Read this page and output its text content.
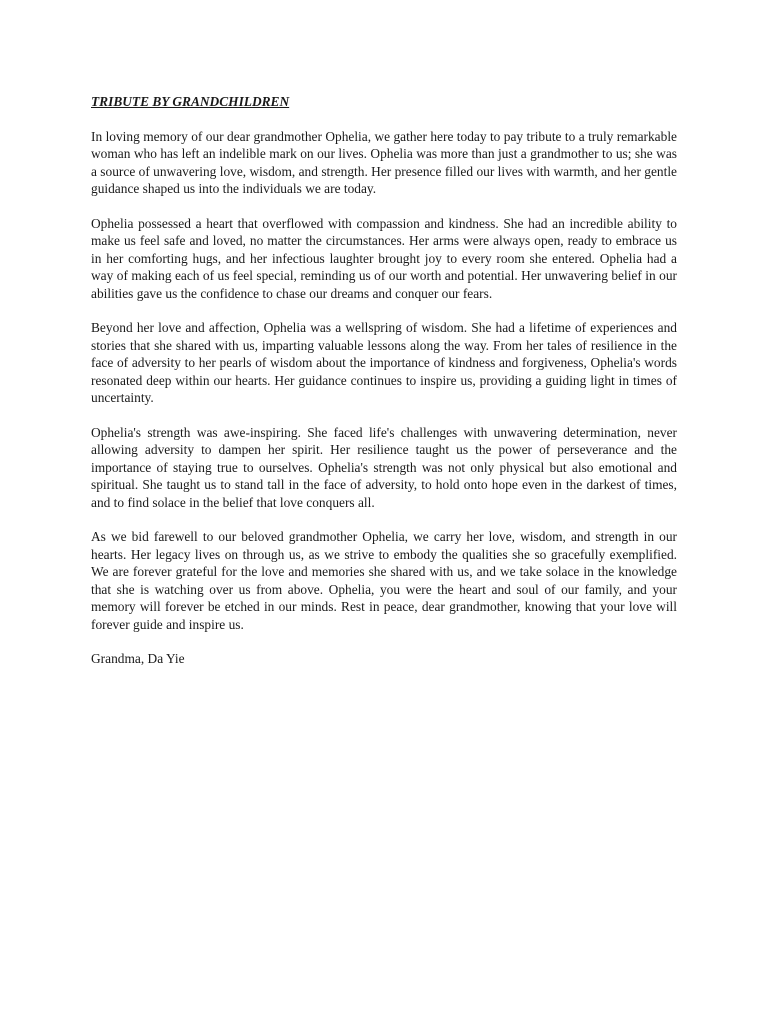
TRIBUTE BY GRANDCHILDREN

In loving memory of our dear grandmother Ophelia, we gather here today to pay tribute to a truly remarkable woman who has left an indelible mark on our lives. Ophelia was more than just a grandmother to us; she was a source of unwavering love, wisdom, and strength. Her presence filled our lives with warmth, and her gentle guidance shaped us into the individuals we are today.

Ophelia possessed a heart that overflowed with compassion and kindness. She had an incredible ability to make us feel safe and loved, no matter the circumstances. Her arms were always open, ready to embrace us in her comforting hugs, and her infectious laughter brought joy to every room she entered. Ophelia had a way of making each of us feel special, reminding us of our worth and potential. Her unwavering belief in our abilities gave us the confidence to chase our dreams and conquer our fears.

Beyond her love and affection, Ophelia was a wellspring of wisdom. She had a lifetime of experiences and stories that she shared with us, imparting valuable lessons along the way. From her tales of resilience in the face of adversity to her pearls of wisdom about the importance of kindness and forgiveness, Ophelia's words resonated deep within our hearts. Her guidance continues to inspire us, providing a guiding light in times of uncertainty.

Ophelia's strength was awe-inspiring. She faced life's challenges with unwavering determination, never allowing adversity to dampen her spirit. Her resilience taught us the power of perseverance and the importance of staying true to ourselves. Ophelia's strength was not only physical but also emotional and spiritual. She taught us to stand tall in the face of adversity, to hold onto hope even in the darkest of times, and to find solace in the belief that love conquers all.

As we bid farewell to our beloved grandmother Ophelia, we carry her love, wisdom, and strength in our hearts. Her legacy lives on through us, as we strive to embody the qualities she so gracefully exemplified. We are forever grateful for the love and memories she shared with us, and we take solace in the knowledge that she is watching over us from above. Ophelia, you were the heart and soul of our family, and your memory will forever be etched in our minds. Rest in peace, dear grandmother, knowing that your love will forever guide and inspire us.

Grandma, Da Yie
